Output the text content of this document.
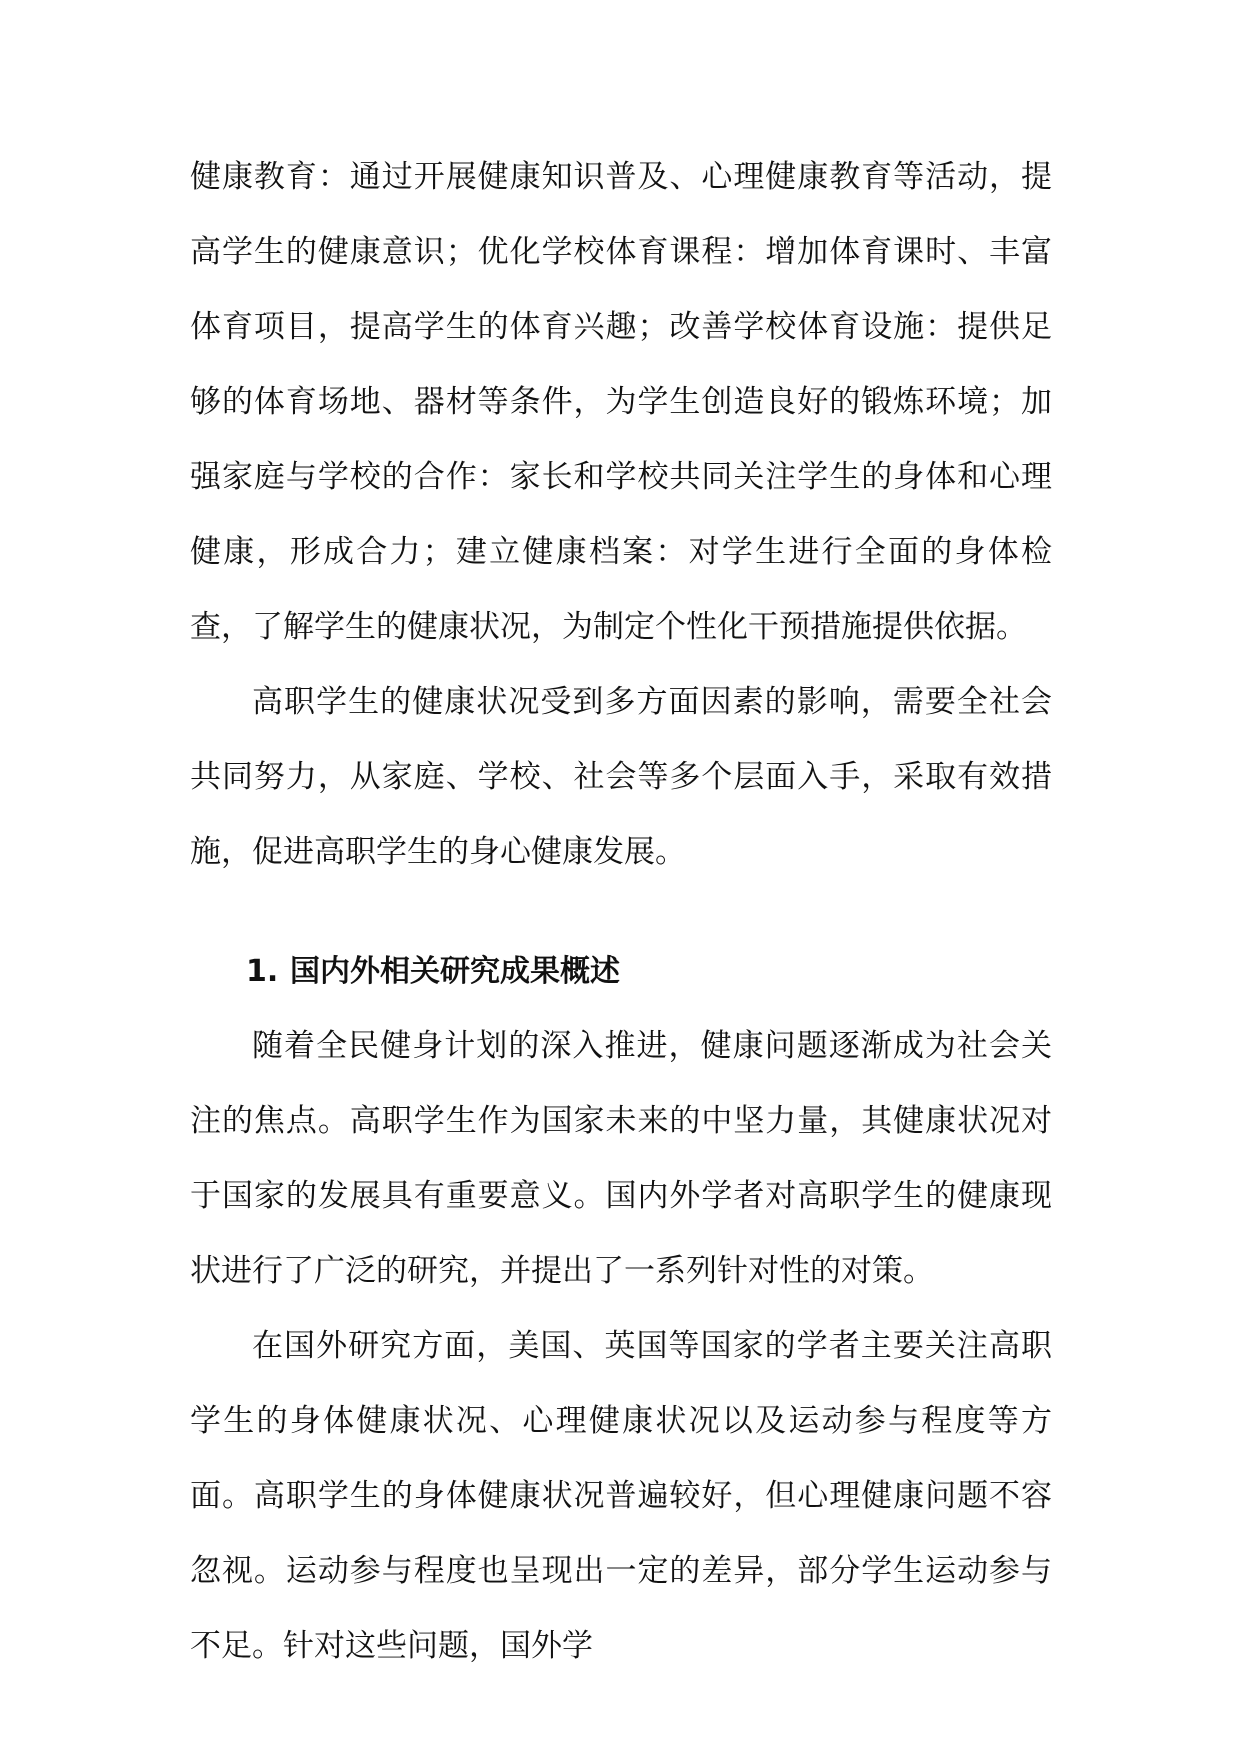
健康教育：通过开展健康知识普及、心理健康教育等活动，提高学生的健康意识；优化学校体育课程：增加体育课时、丰富体育项目，提高学生的体育兴趣；改善学校体育设施：提供足够的体育场地、器材等条件，为学生创造良好的锻炼环境；加强家庭与学校的合作：家长和学校共同关注学生的身体和心理健康，形成合力；建立健康档案：对学生进行全面的身体检查，了解学生的健康状况，为制定个性化干预措施提供依据。

高职学生的健康状况受到多方面因素的影响，需要全社会共同努力，从家庭、学校、社会等多个层面入手，采取有效措施，促进高职学生的身心健康发展。

1. 国内外相关研究成果概述

随着全民健身计划的深入推进，健康问题逐渐成为社会关注的焦点。高职学生作为国家未来的中坚力量，其健康状况对于国家的发展具有重要意义。国内外学者对高职学生的健康现状进行了广泛的研究，并提出了一系列针对性的对策。

在国外研究方面，美国、英国等国家的学者主要关注高职学生的身体健康状况、心理健康状况以及运动参与程度等方面。高职学生的身体健康状况普遍较好，但心理健康问题不容忽视。运动参与程度也呈现出一定的差异，部分学生运动参与不足。针对这些问题，国外学
